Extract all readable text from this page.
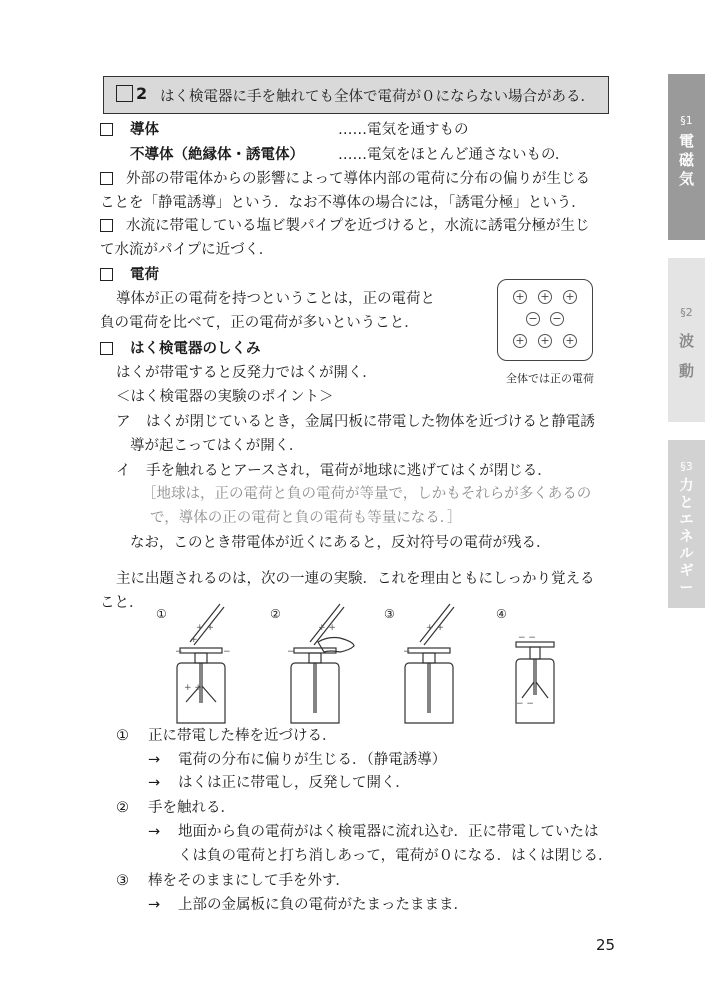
2 はく検電器に手を触れても全体で電荷が０にならない場合がある．
§1
電
磁
気
§2
波
動
§3
力
と
エ
ネ
ル
ギ
ー
導体	……電気を通すもの
不導体（絶縁体・誘電体） ……電気をほとんど通さないもの．
外部の帯電体からの影響によって導体内部の電荷に分布の偏りが生じる
ことを「静電誘導」という．なお不導体の場合には，「誘電分極」という．
水流に帯電している塩ビ製パイプを近づけると，水流に誘電分極が生じ
て水流がパイプに近づく．
電荷
導体が正の電荷を持つということは，正の電荷と
負の電荷を比べて，正の電荷が多いということ．
+ + +
− −
+ + +
全体では正の電荷
はく検電器のしくみ
はくが帯電すると反発力ではくが開く．
＜はく検電器の実験のポイント＞
ア はくが閉じているとき，金属円板に帯電した物体を近づけると静電誘
導が起こってはくが開く．
イ 手を触れるとアースされ，電荷が地球に逃げてはくが閉じる．
［地球は，正の電荷と負の電荷が等量で，しかもそれらが多くあるの
で，導体の正の電荷と負の電荷も等量になる．］
なお，このとき帯電体が近くにあると，反対符号の電荷が残る．
主に出題されるのは，次の一連の実験．これを理由ともにしっかり覚える
こと．
①
+ +
+
−	−
+ +
②
+ +
−
③
+ +
−
④
− −
− −
① 正に帯電した棒を近づける．
→ 電荷の分布に偏りが生じる．（静電誘導）
→ はくは正に帯電し，反発して開く．
② 手を触れる．
→ 地面から負の電荷がはく検電器に流れ込む．正に帯電していたは
くは負の電荷と打ち消しあって，電荷が０になる．はくは閉じる．
③ 棒をそのままにして手を外す．
→ 上部の金属板に負の電荷がたまったままま．
25
